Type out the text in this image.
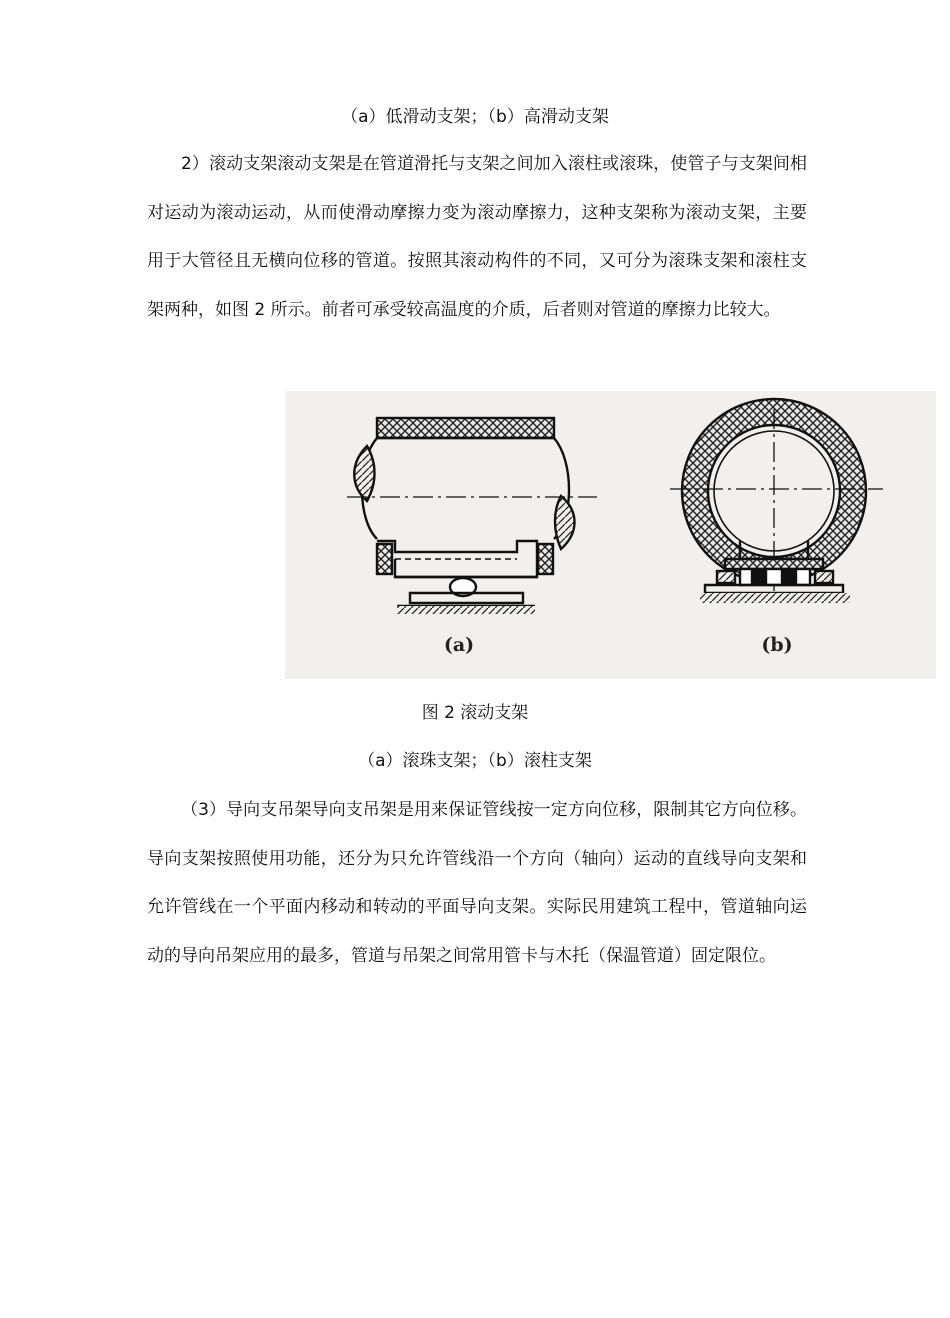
（a）低滑动支架；（b）高滑动支架

2）滚动支架滚动支架是在管道滑托与支架之间加入滚柱或滚珠，使管子与支架间相对运动为滚动运动，从而使滑动摩擦力变为滚动摩擦力，这种支架称为滚动支架，主要用于大管径且无横向位移的管道。按照其滚动构件的不同，又可分为滚珠支架和滚柱支架两种，如图 2 所示。前者可承受较高温度的介质，后者则对管道的摩擦力比较大。

(a)	(b)
图 2 滚动支架
（a）滚珠支架；（b）滚柱支架

（3）导向支吊架导向支吊架是用来保证管线按一定方向位移，限制其它方向位移。导向支架按照使用功能，还分为只允许管线沿一个方向（轴向）运动的直线导向支架和允许管线在一个平面内移动和转动的平面导向支架。实际民用建筑工程中，管道轴向运动的导向吊架应用的最多，管道与吊架之间常用管卡与木托（保温管道）固定限位。
